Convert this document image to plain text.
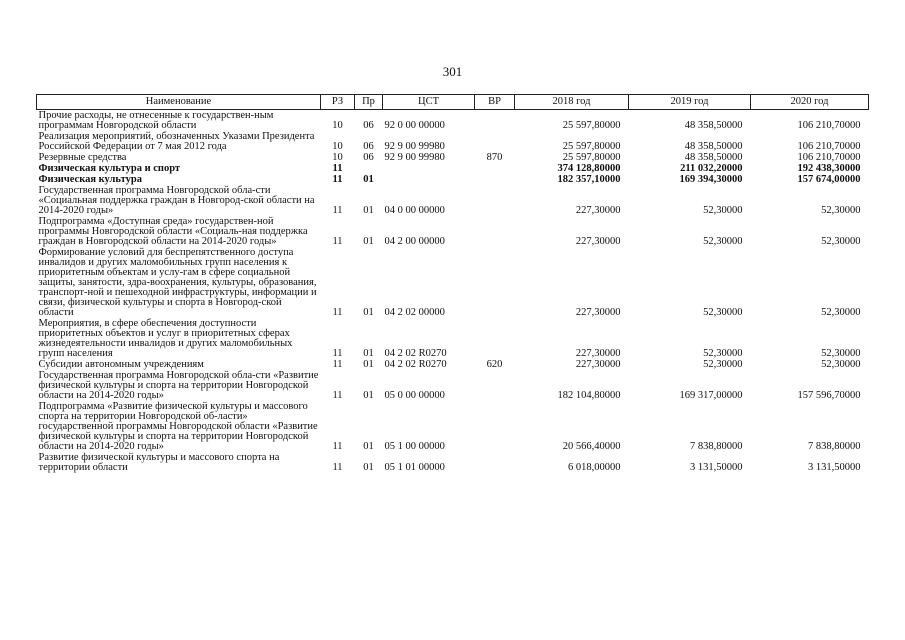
301
Наименование	РЗ	Пр	ЦСТ	ВР	2018 год	2019 год	2020 год
Прочие расходы, не отнесенные к государствен-ным программам Новгородской области	10	06	92 0 00 00000		25 597,80000	48 358,50000	106 210,70000
Реализация мероприятий, обозначенных Указами Президента Российской Федерации от 7 мая 2012 года	10	06	92 9 00 99980		25 597,80000	48 358,50000	106 210,70000
Резервные средства	10	06	92 9 00 99980	870	25 597,80000	48 358,50000	106 210,70000
Физическая культура и спорт	11				374 128,80000	211 032,20000	192 438,30000
Физическая культура	11	01			182 357,10000	169 394,30000	157 674,00000
Государственная программа Новгородской обла-сти «Социальная поддержка граждан в Новгород-ской области на 2014-2020 годы»	11	01	04 0 00 00000		227,30000	52,30000	52,30000
Подпрограмма «Доступная среда» государствен-ной программы Новгородской области «Социаль-ная поддержка граждан в Новгородской области на 2014-2020 годы»	11	01	04 2 00 00000		227,30000	52,30000	52,30000
Формирование условий для беспрепятственного доступа инвалидов и других маломобильных групп населения к приоритетным объектам и услу-гам в сфере социальной защиты, занятости, здра-воохранения, культуры, образования, транспорт-ной и пешеходной инфраструктуры, информации и связи, физической культуры и спорта в Новгород-ской области	11	01	04 2 02 00000		227,30000	52,30000	52,30000
Мероприятия, в сфере обеспечения доступности приоритетных объектов и услуг в приоритетных сферах жизнедеятельности инвалидов и других маломобильных групп населения	11	01	04 2 02 R0270		227,30000	52,30000	52,30000
Субсидии автономным учреждениям	11	01	04 2 02 R0270	620	227,30000	52,30000	52,30000
Государственная программа Новгородской обла-сти «Развитие физической культуры и спорта на территории Новгородской области на 2014-2020 годы»	11	01	05 0 00 00000		182 104,80000	169 317,00000	157 596,70000
Подпрограмма «Развитие физической культуры и массового спорта на территории Новгородской об-ласти» государственной программы Новгородской области «Развитие физической культуры и спорта на территории Новгородской области на 2014-2020 годы»	11	01	05 1 00 00000		20 566,40000	7 838,80000	7 838,80000
Развитие физической культуры и массового спорта на территории области	11	01	05 1 01 00000		6 018,00000	3 131,50000	3 131,50000
